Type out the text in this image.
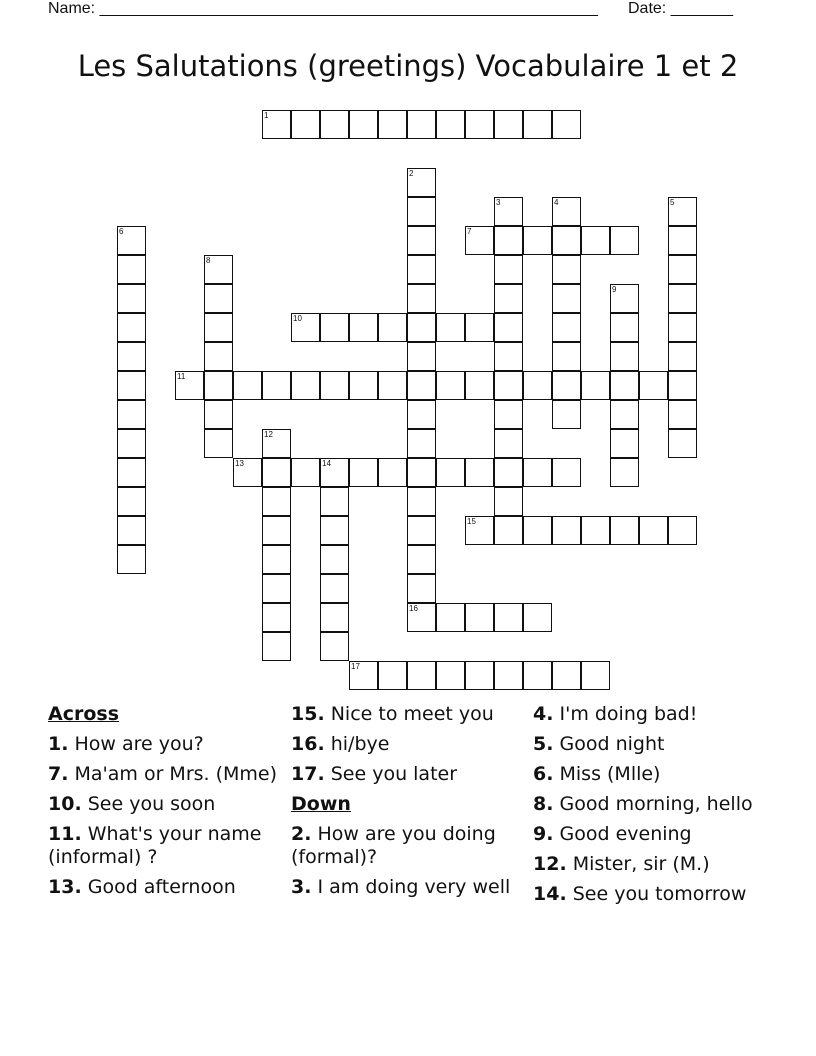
Name: ________________________________________________________ Date: _______
Les Salutations (greetings) Vocabulaire 1 et 2
1
2
16
3	4	5
6	7
8
9
10
11
12
13	14
15
17
Across
1. How are you?
7. Ma'am or Mrs. (Mme)
10. See you soon
11. What's your name (informal) ?
13. Good afternoon
15. Nice to meet you
16. hi/bye
17. See you later
Down
2. How are you doing (formal)?
3. I am doing very well
4. I'm doing bad!
5. Good night
6. Miss (Mlle)
8. Good morning, hello
9. Good evening
12. Mister, sir (M.)
14. See you tomorrow
